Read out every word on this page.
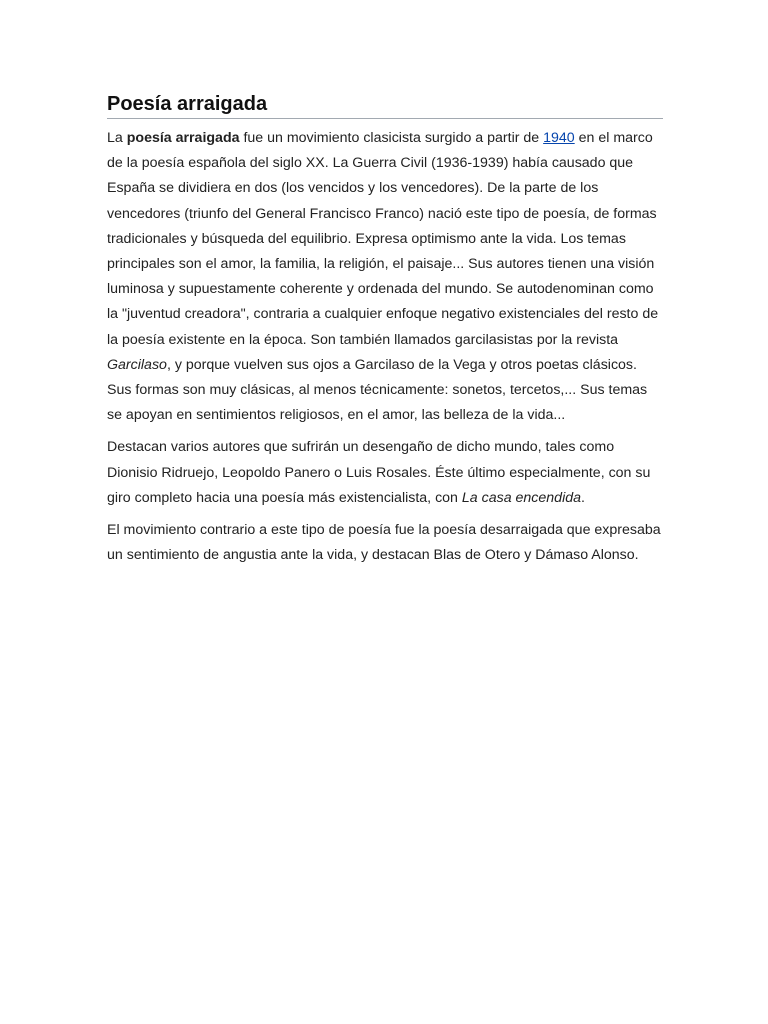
Poesía arraigada

La poesía arraigada fue un movimiento clasicista surgido a partir de 1940 en el marco de la poesía española del siglo XX. La Guerra Civil (1936-1939) había causado que España se dividiera en dos (los vencidos y los vencedores). De la parte de los vencedores (triunfo del General Francisco Franco) nació este tipo de poesía, de formas tradicionales y búsqueda del equilibrio. Expresa optimismo ante la vida. Los temas principales son el amor, la familia, la religión, el paisaje... Sus autores tienen una visión luminosa y supuestamente coherente y ordenada del mundo. Se autodenominan como la "juventud creadora", contraria a cualquier enfoque negativo existenciales del resto de la poesía existente en la época. Son también llamados garcilasistas por la revista Garcilaso, y porque vuelven sus ojos a Garcilaso de la Vega y otros poetas clásicos. Sus formas son muy clásicas, al menos técnicamente: sonetos, tercetos,... Sus temas se apoyan en sentimientos religiosos, en el amor, las belleza de la vida...

Destacan varios autores que sufrirán un desengaño de dicho mundo, tales como Dionisio Ridruejo, Leopoldo Panero o Luis Rosales. Éste último especialmente, con su giro completo hacia una poesía más existencialista, con La casa encendida.

El movimiento contrario a este tipo de poesía fue la poesía desarraigada que expresaba un sentimiento de angustia ante la vida, y destacan Blas de Otero y Dámaso Alonso.
